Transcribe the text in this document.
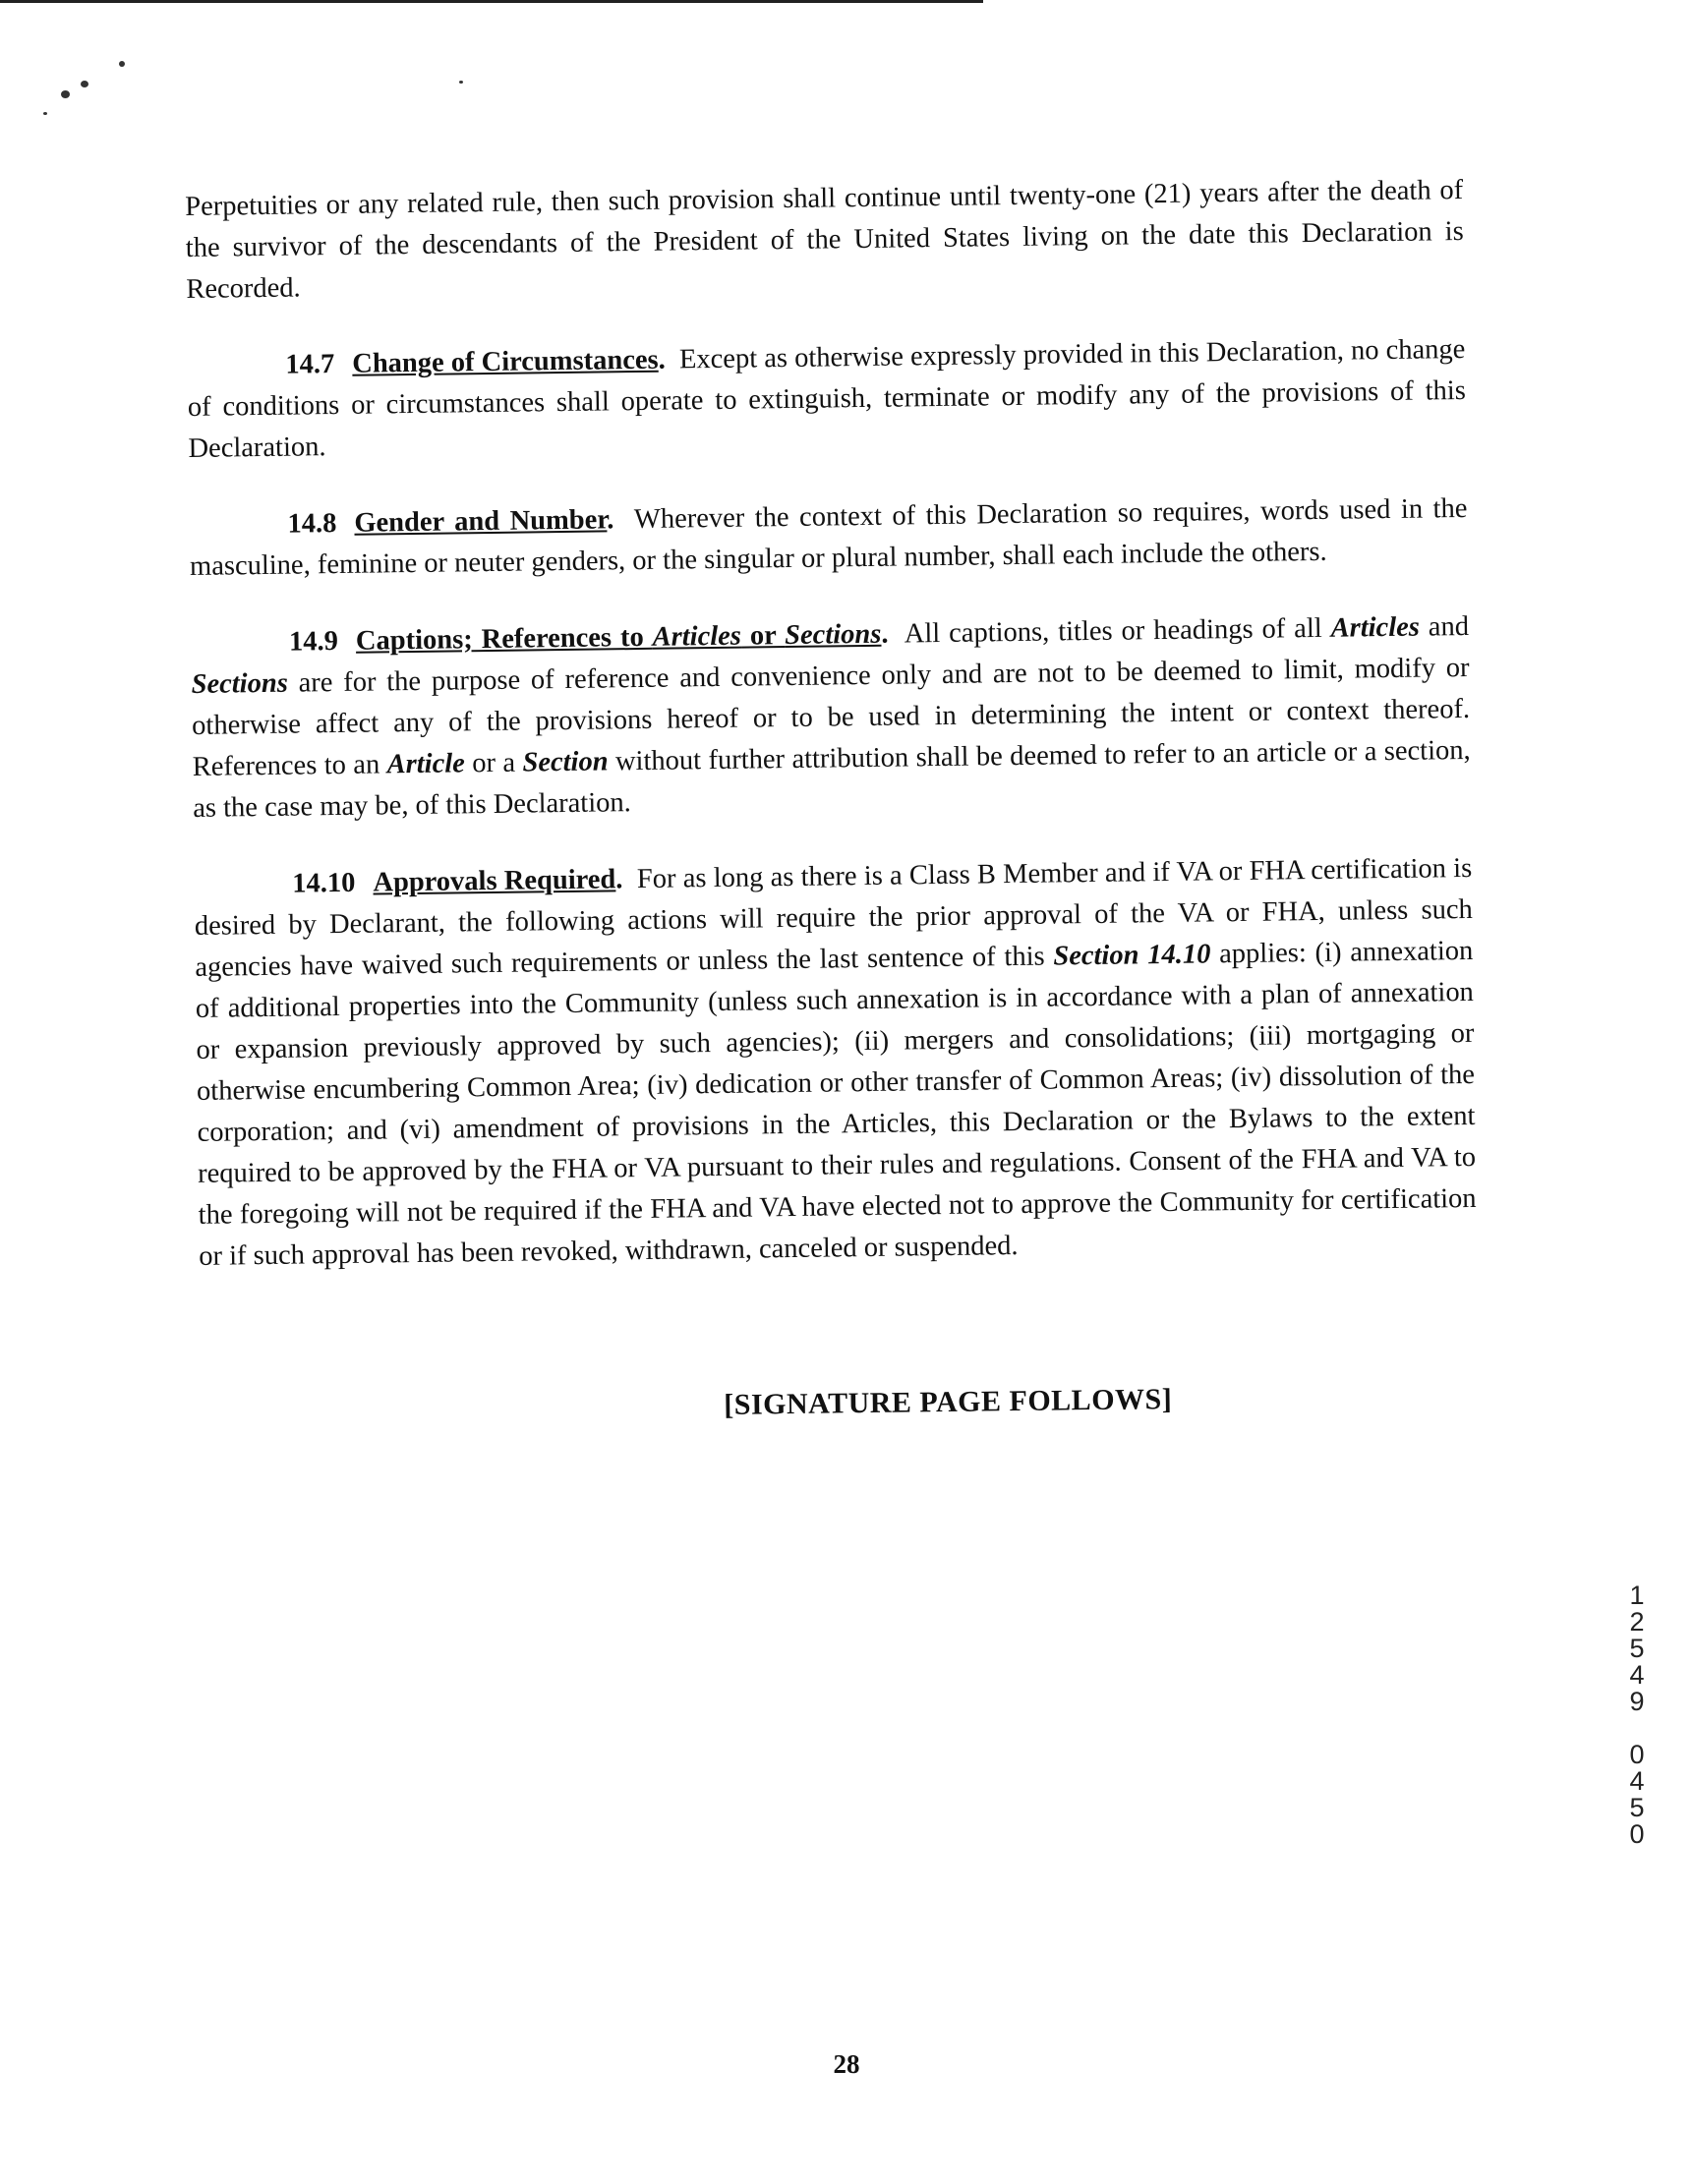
Perpetuities or any related rule, then such provision shall continue until twenty-one (21) years after the death of the survivor of the descendants of the President of the United States living on the date this Declaration is Recorded.

14.7 Change of Circumstances. Except as otherwise expressly provided in this Declaration, no change of conditions or circumstances shall operate to extinguish, terminate or modify any of the provisions of this Declaration.

14.8 Gender and Number. Wherever the context of this Declaration so requires, words used in the masculine, feminine or neuter genders, or the singular or plural number, shall each include the others.

14.9 Captions; References to Articles or Sections. All captions, titles or headings of all Articles and Sections are for the purpose of reference and convenience only and are not to be deemed to limit, modify or otherwise affect any of the provisions hereof or to be used in determining the intent or context thereof. References to an Article or a Section without further attribution shall be deemed to refer to an article or a section, as the case may be, of this Declaration.

14.10 Approvals Required. For as long as there is a Class B Member and if VA or FHA certification is desired by Declarant, the following actions will require the prior approval of the VA or FHA, unless such agencies have waived such requirements or unless the last sentence of this Section 14.10 applies: (i) annexation of additional properties into the Community (unless such annexation is in accordance with a plan of annexation or expansion previously approved by such agencies); (ii) mergers and consolidations; (iii) mortgaging or otherwise encumbering Common Area; (iv) dedication or other transfer of Common Areas; (iv) dissolution of the corporation; and (vi) amendment of provisions in the Articles, this Declaration or the Bylaws to the extent required to be approved by the FHA or VA pursuant to their rules and regulations. Consent of the FHA and VA to the foregoing will not be required if the FHA and VA have elected not to approve the Community for certification or if such approval has been revoked, withdrawn, canceled or suspended.

[SIGNATURE PAGE FOLLOWS]
1
2
5
4
9

0
4
5
0
28
